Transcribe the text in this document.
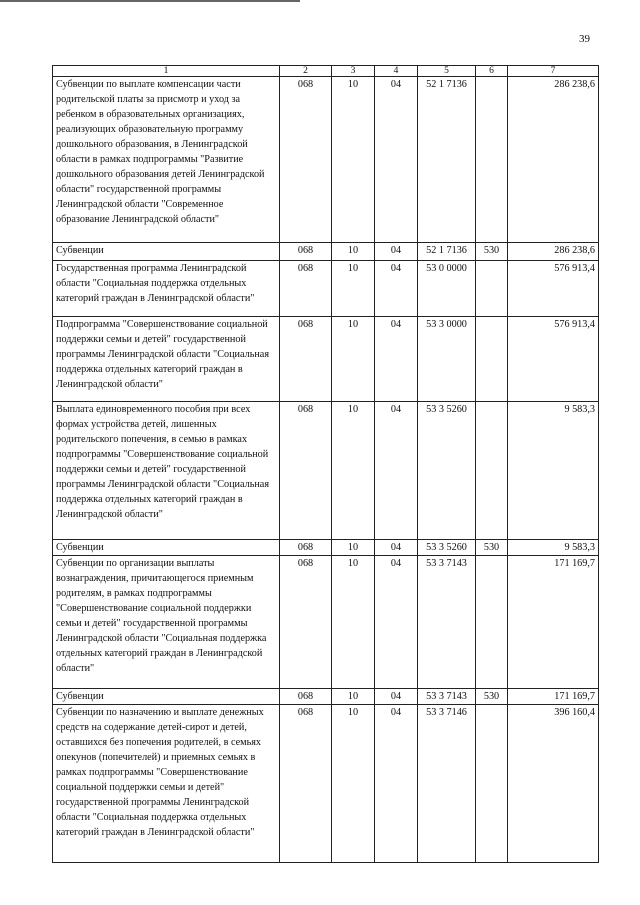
39
1	2	3	4	5	6	7
Субвенции по выплате компенсации части родительской платы за присмотр и уход за ребенком в образовательных организациях, реализующих образовательную программу дошкольного образования, в Ленинградской области в рамках подпрограммы "Развитие дошкольного образования детей Ленинградской области" государственной программы Ленинградской области "Современное образование Ленинградской области"	068	10	04	52 1 7136		286 238,6
Субвенции	068	10	04	52 1 7136	530	286 238,6
Государственная программа Ленинградской области "Социальная поддержка отдельных категорий граждан в Ленинградской области"	068	10	04	53 0 0000		576 913,4
Подпрограмма "Совершенствование социальной поддержки семьи и детей" государственной программы Ленинградской области "Социальная поддержка отдельных категорий граждан в Ленинградской области"	068	10	04	53 3 0000		576 913,4
Выплата единовременного пособия при всех формах устройства детей, лишенных родительского попечения, в семью в рамках подпрограммы "Совершенствование социальной поддержки семьи и детей" государственной программы Ленинградской области "Социальная поддержка отдельных категорий граждан в Ленинградской области"	068	10	04	53 3 5260		9 583,3
Субвенции	068	10	04	53 3 5260	530	9 583,3
Субвенции по организации выплаты вознаграждения, причитающегося приемным родителям, в рамках подпрограммы "Совершенствование социальной поддержки семьи и детей" государственной программы Ленинградской области "Социальная поддержка отдельных категорий граждан в Ленинградской области"	068	10	04	53 3 7143		171 169,7
Субвенции	068	10	04	53 3 7143	530	171 169,7
Субвенции по назначению и выплате денежных средств на содержание детей-сирот и детей, оставшихся без попечения родителей, в семьях опекунов (попечителей) и приемных семьях в рамках подпрограммы "Совершенствование социальной поддержки семьи и детей" государственной программы Ленинградской области "Социальная поддержка отдельных категорий граждан в Ленинградской области"	068	10	04	53 3 7146		396 160,4
